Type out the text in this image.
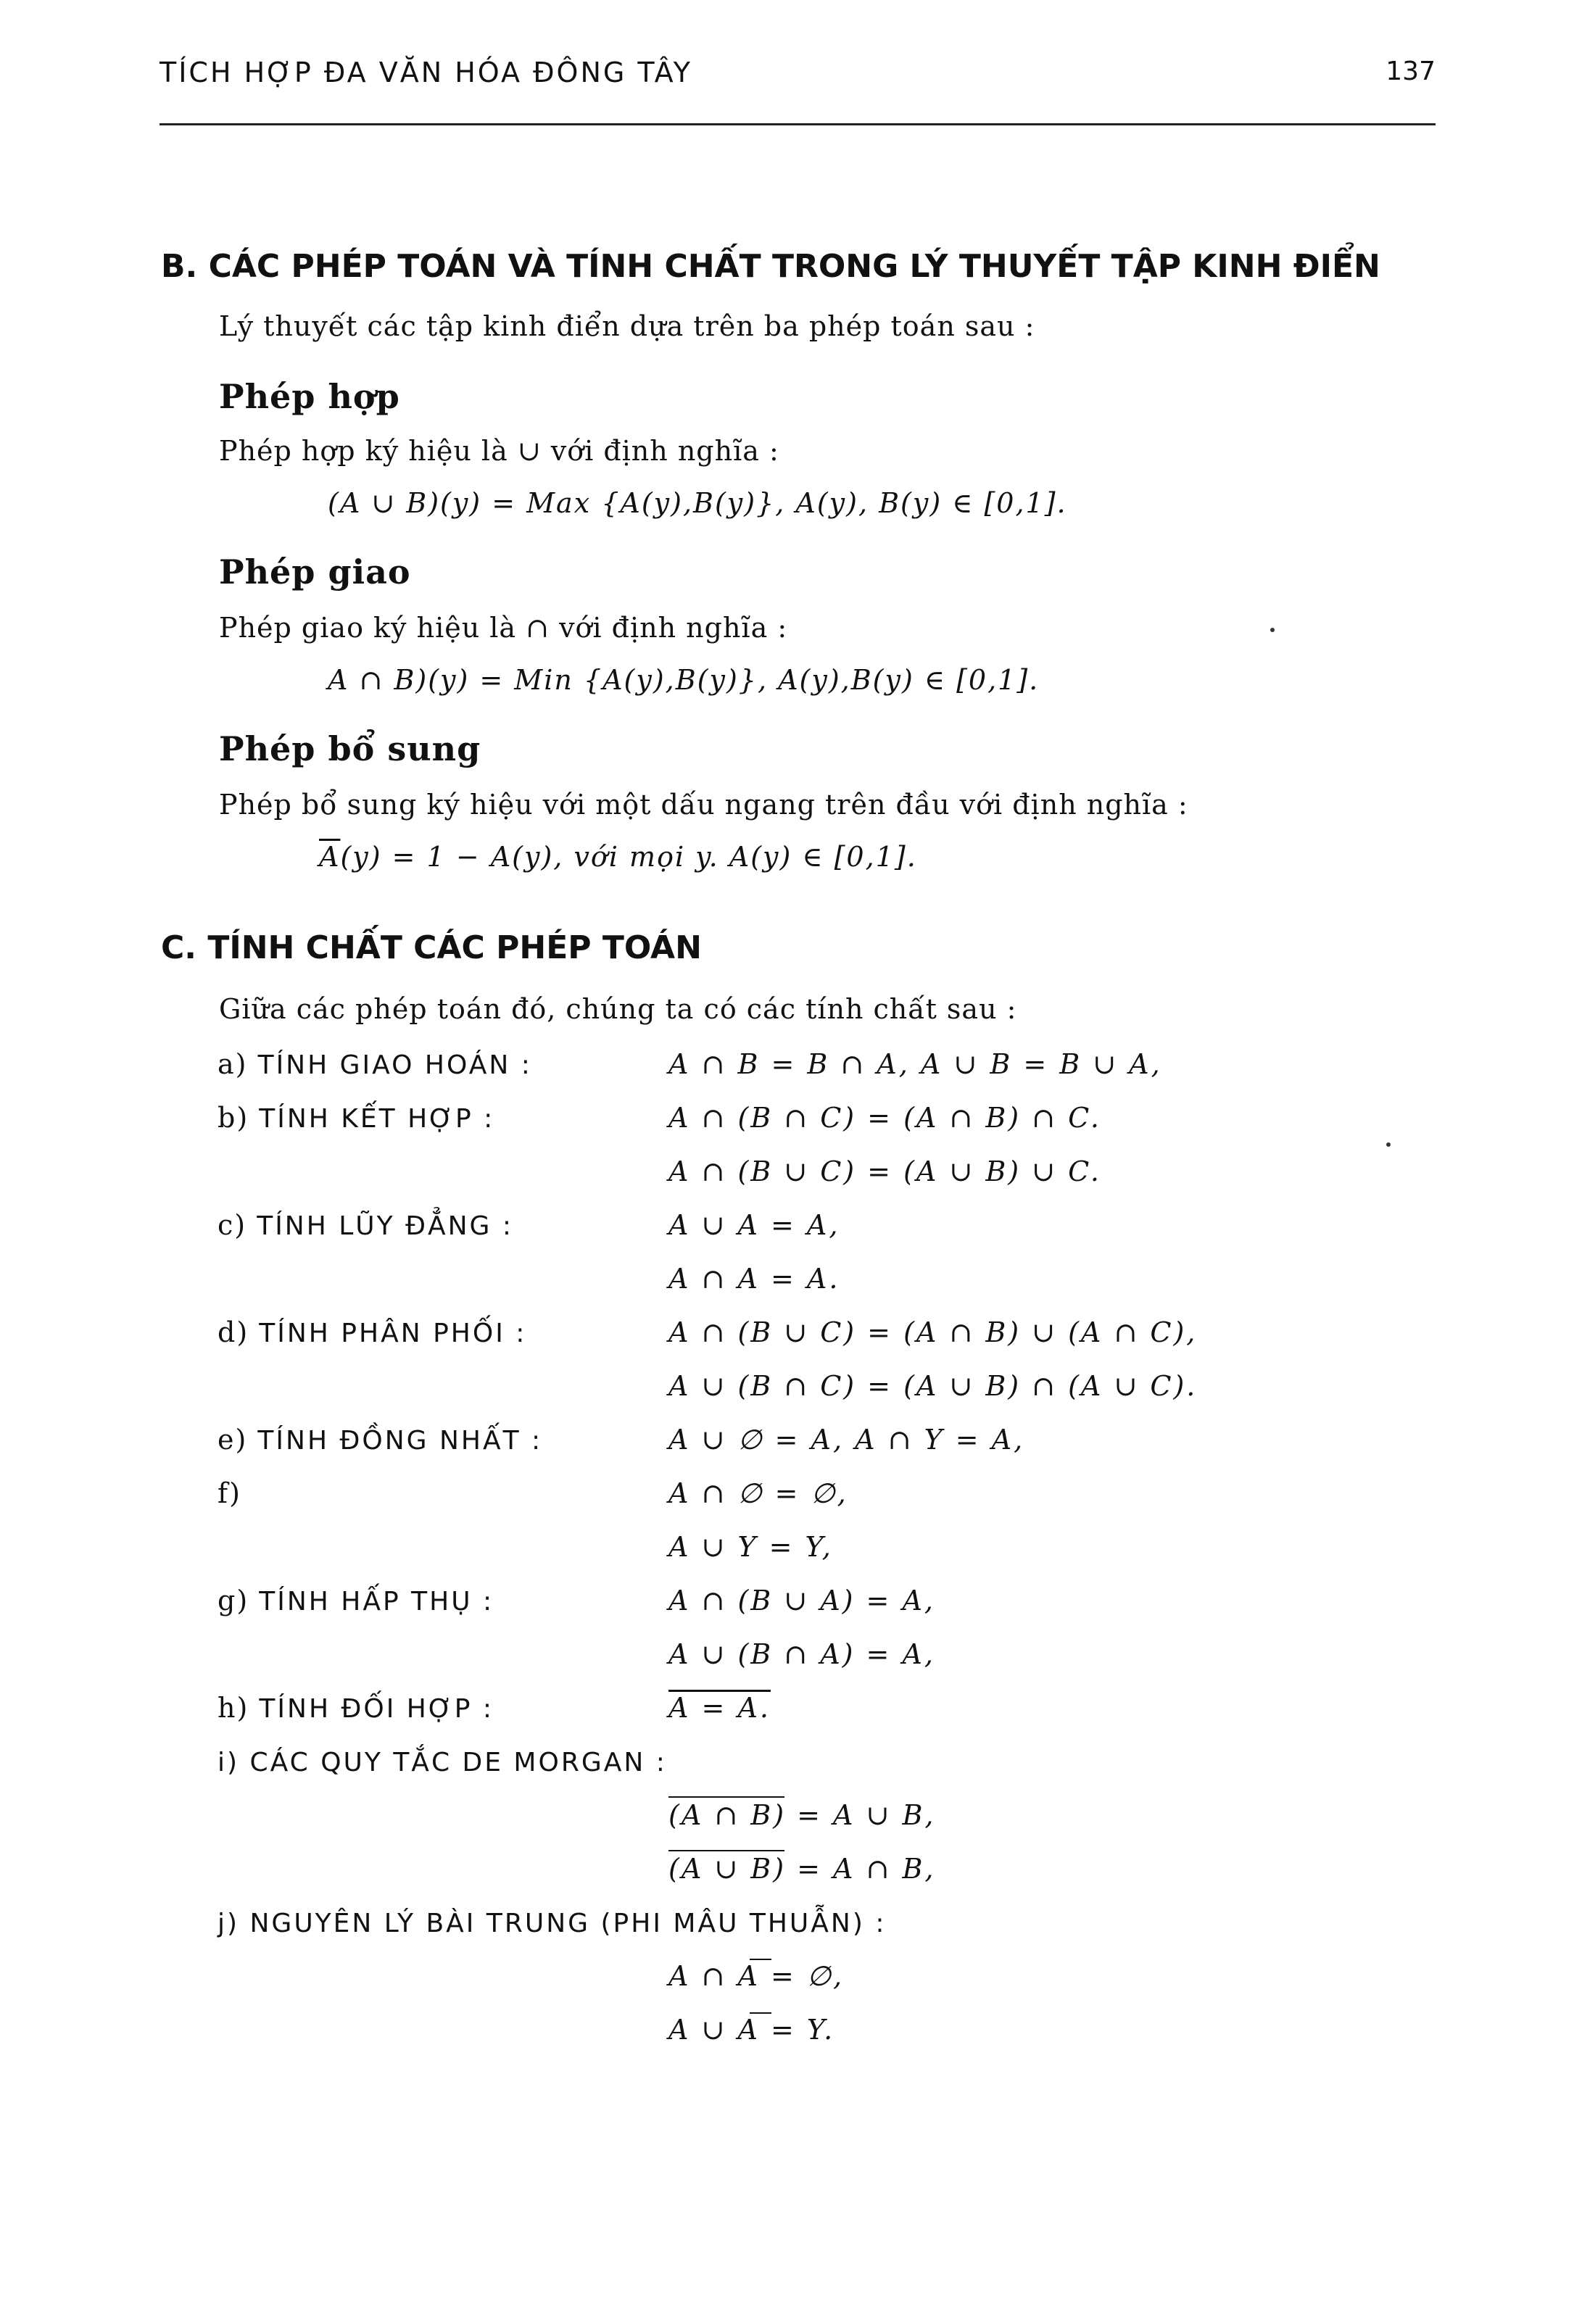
TÍCH HỢP ĐA VĂN HÓA ĐÔNG TÂY	137
B. CÁC PHÉP TOÁN VÀ TÍNH CHẤT TRONG LÝ THUYẾT TẬP KINH ĐIỂN
Lý thuyết các tập kinh điển dựa trên ba phép toán sau :
Phép hợp
Phép hợp ký hiệu là ∪ với định nghĩa :
(A ∪ B)(y) = Max {A(y),B(y)}, A(y), B(y) ∈ [0,1].
Phép giao
Phép giao ký hiệu là ∩ với định nghĩa :
A ∩ B)(y) = Min {A(y),B(y)}, A(y),B(y) ∈ [0,1].
Phép bổ sung
Phép bổ sung ký hiệu với một dấu ngang trên đầu với định nghĩa :
$\overline{A}(y) = 1 - A(y)$, với mọi y. A(y) ∈ [0,1].
C. TÍNH CHẤT CÁC PHÉP TOÁN
Giữa các phép toán đó, chúng ta có các tính chất sau :
a) TÍNH GIAO HOÁN :	A ∩ B = B ∩ A, A ∪ B = B ∪ A,
b) TÍNH KẾT HỢP :	A ∩ (B ∩ C) = (A ∩ B) ∩ C.
A ∩ (B ∪ C) = (A ∪ B) ∪ C.
c) TÍNH LŨY ĐẲNG :	A ∪ A = A,
A ∩ A = A.
d) TÍNH PHÂN PHỐI :	A ∩ (B ∪ C) = (A ∩ B) ∪ (A ∩ C),
A ∪ (B ∩ C) = (A ∪ B) ∩ (A ∪ C).
e) TÍNH ĐỒNG NHẤT :	A ∪ ∅ = A, A ∩ Y = A,
f)	A ∩ ∅ = ∅,
A ∪ Y = Y,
g) TÍNH HẤP THỤ :	A ∩ (B ∪ A) = A,
A ∪ (B ∩ A) = A,
h) TÍNH ĐỐI HỢP :	A = A.
i) CÁC QUY TẮC DE MORGAN :
(A ∩ B) = A ∪ B,
(A ∪ B) = A ∩ B,
j) NGUYÊN LÝ BÀI TRUNG (PHI MÂU THUẪN) :
A ∩ A = ∅,
A ∪ A = Y.
